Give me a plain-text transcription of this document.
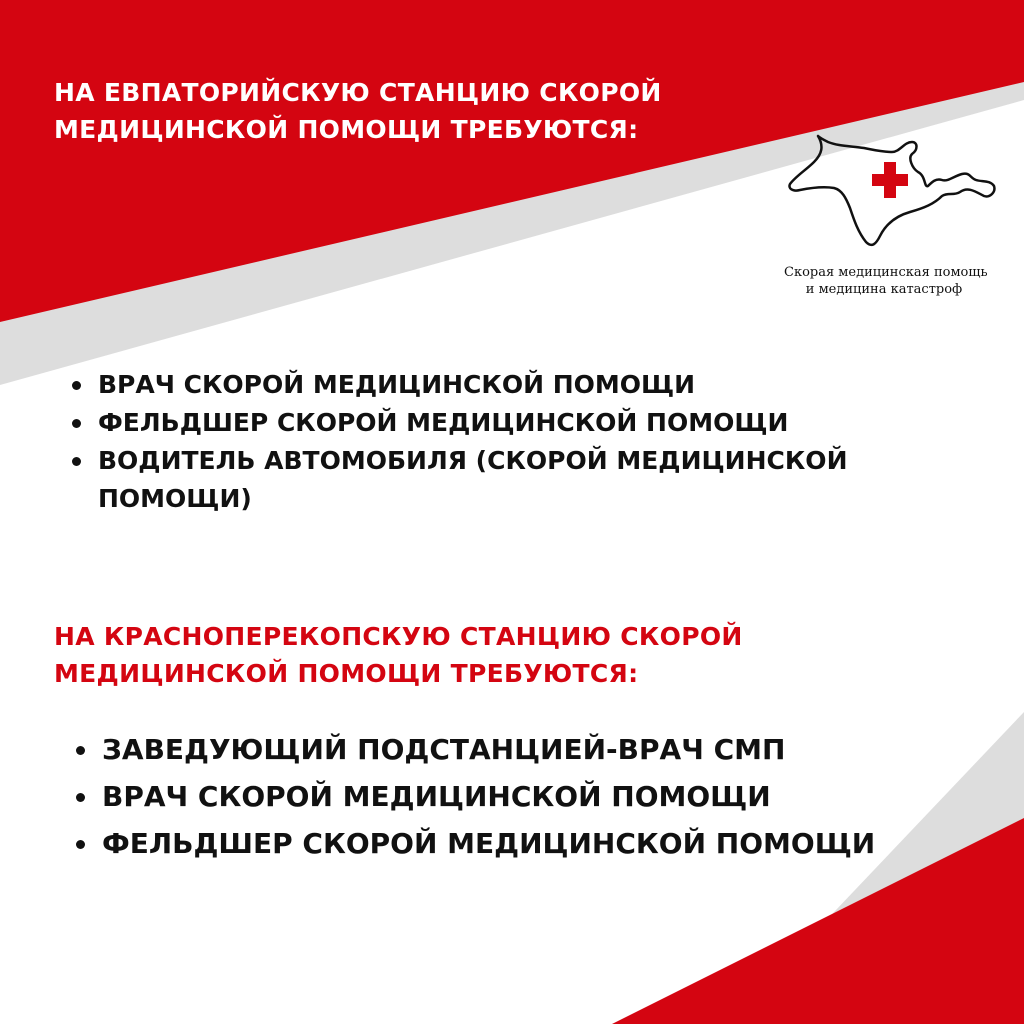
НА ЕВПАТОРИЙСКУЮ СТАНЦИЮ СКОРОЙ
МЕДИЦИНСКОЙ ПОМОЩИ ТРЕБУЮТСЯ:
Скорая медицинская помощь
и медицина катастроф
ВРАЧ СКОРОЙ МЕДИЦИНСКОЙ ПОМОЩИ
ФЕЛЬДШЕР СКОРОЙ МЕДИЦИНСКОЙ ПОМОЩИ
ВОДИТЕЛЬ АВТОМОБИЛЯ (СКОРОЙ МЕДИЦИНСКОЙ
ПОМОЩИ)
НА КРАСНОПЕРЕКОПСКУЮ СТАНЦИЮ СКОРОЙ
МЕДИЦИНСКОЙ ПОМОЩИ ТРЕБУЮТСЯ:
ЗАВЕДУЮЩИЙ ПОДСТАНЦИЕЙ-ВРАЧ СМП
ВРАЧ СКОРОЙ МЕДИЦИНСКОЙ ПОМОЩИ
ФЕЛЬДШЕР СКОРОЙ МЕДИЦИНСКОЙ ПОМОЩИ
